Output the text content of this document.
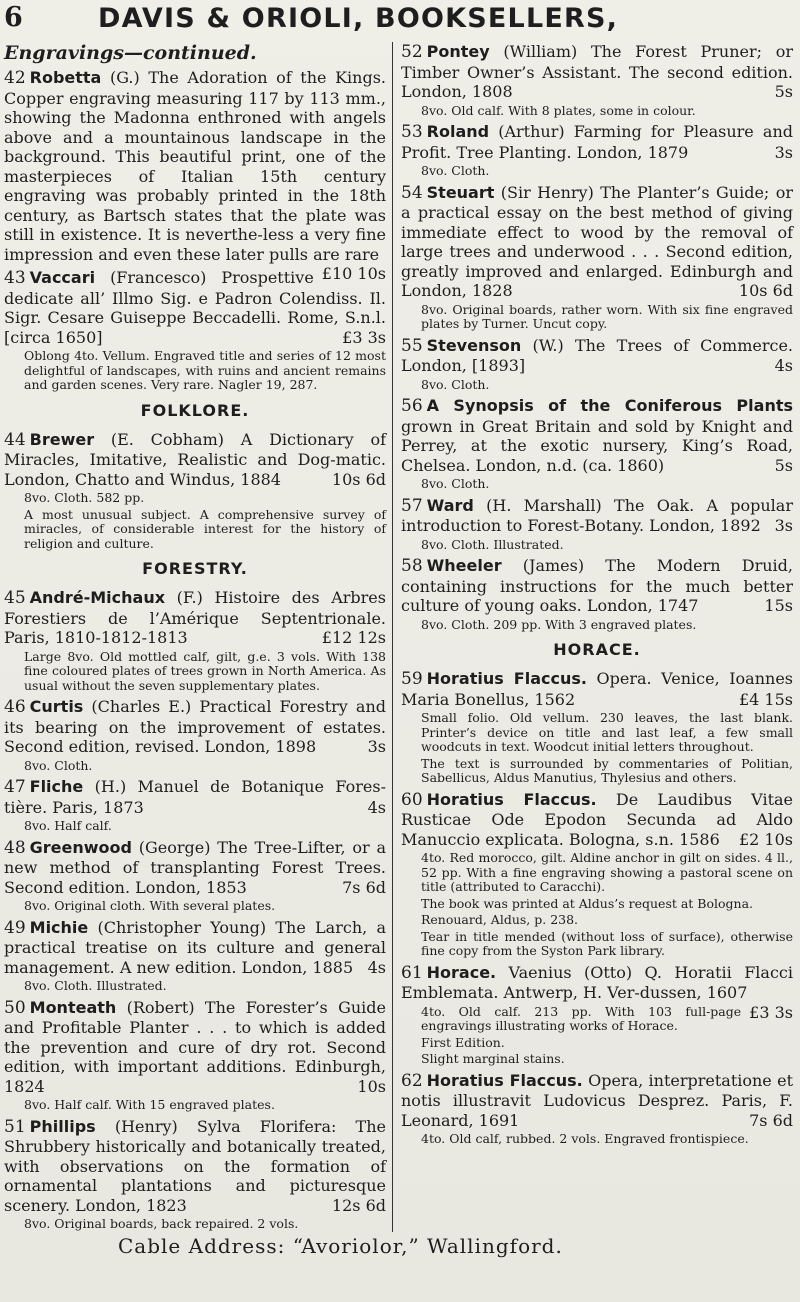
6	DAVIS & ORIOLI, BOOKSELLERS,
Engravings—continued.
42 Robetta (G.) The Adoration of the Kings. Copper engraving measuring 117 by 113 mm., showing the Madonna enthroned with angels above and a mountainous landscape in the background. This beautiful print, one of the masterpieces of Italian 15th century engraving was probably printed in the 18th century, as Bartsch states that the plate was still in existence. It is neverthe-less a very fine impression and even these later pulls are rare
£10 10s
43 Vaccari (Francesco) Prospettive dedicate all’ Illmo Sig. e Padron Colendiss. Il. Sigr. Cesare Guiseppe Beccadelli. Rome, S.n.l. [circa 1650]	£3 3s
Oblong 4to. Vellum. Engraved title and series of 12 most delightful of landscapes, with ruins and ancient remains and garden scenes. Very rare. Nagler 19, 287.
FOLKLORE.
44 Brewer (E. Cobham) A Dictionary of Miracles, Imitative, Realistic and Dog-matic. London, Chatto and Windus, 1884	10s 6d
8vo. Cloth. 582 pp.
A most unusual subject. A comprehensive survey of miracles, of considerable interest for the history of religion and culture.
FORESTRY.
45 André-Michaux (F.) Histoire des Arbres Forestiers de l’Amérique Septentrionale. Paris, 1810-1812-1813	£12 12s
Large 8vo. Old mottled calf, gilt, g.e. 3 vols. With 138 fine coloured plates of trees grown in North America. As usual without the seven supplementary plates.
46 Curtis (Charles E.) Practical Forestry and its bearing on the improvement of estates. Second edition, revised. London, 1898	3s
8vo. Cloth.
47 Fliche (H.) Manuel de Botanique Fores-tière. Paris, 1873	4s
8vo. Half calf.
48 Greenwood (George) The Tree-Lifter, or a new method of transplanting Forest Trees. Second edition. London, 1853	7s 6d
8vo. Original cloth. With several plates.
49 Michie (Christopher Young) The Larch, a practical treatise on its culture and general management. A new edition. London, 1885 4s
8vo. Cloth. Illustrated.
50 Monteath (Robert) The Forester’s Guide and Profitable Planter . . . to which is added the prevention and cure of dry rot. Second edition, with important additions. Edinburgh, 1824	10s
8vo. Half calf. With 15 engraved plates.
51 Phillips (Henry) Sylva Florifera: The Shrubbery historically and botanically treated, with observations on the formation of ornamental plantations and picturesque scenery. London, 1823	12s 6d
8vo. Original boards, back repaired. 2 vols.
52 Pontey (William) The Forest Pruner; or Timber Owner’s Assistant. The second edition. London, 1808	5s
8vo. Old calf. With 8 plates, some in colour.
53 Roland (Arthur) Farming for Pleasure and Profit. Tree Planting. London, 1879	3s
8vo. Cloth.
54 Steuart (Sir Henry) The Planter’s Guide; or a practical essay on the best method of giving immediate effect to wood by the removal of large trees and underwood . . . Second edition, greatly improved and enlarged. Edinburgh and London, 1828	10s 6d
8vo. Original boards, rather worn. With six fine engraved plates by Turner. Uncut copy.
55 Stevenson (W.) The Trees of Commerce. London, [1893]	4s
8vo. Cloth.
56 A Synopsis of the Coniferous Plants grown in Great Britain and sold by Knight and Perrey, at the exotic nursery, King’s Road, Chelsea. London, n.d. (ca. 1860)	5s
8vo. Cloth.
57 Ward (H. Marshall) The Oak. A popular introduction to Forest-Botany. London, 1892 3s
8vo. Cloth. Illustrated.
58 Wheeler (James) The Modern Druid, containing instructions for the much better culture of young oaks. London, 1747	15s
8vo. Cloth. 209 pp. With 3 engraved plates.
HORACE.
59 Horatius Flaccus. Opera. Venice, Ioannes Maria Bonellus, 1562	£4 15s
Small folio. Old vellum. 230 leaves, the last blank. Printer’s device on title and last leaf, a few small woodcuts in text. Woodcut initial letters throughout.
The text is surrounded by commentaries of Politian, Sabellicus, Aldus Manutius, Thylesius and others.
60 Horatius Flaccus. De Laudibus Vitae Rusticae Ode Epodon Secunda ad Aldo Manuccio explicata. Bologna, s.n. 1586 £2 10s
4to. Red morocco, gilt. Aldine anchor in gilt on sides. 4 ll., 52 pp. With a fine engraving showing a pastoral scene on title (attributed to Caracchi).
The book was printed at Aldus’s request at Bologna.
Renouard, Aldus, p. 238.
Tear in title mended (without loss of surface), otherwise fine copy from the Syston Park library.
61 Horace. Vaenius (Otto) Q. Horatii Flacci Emblemata. Antwerp, H. Ver-dussen, 1607
£3 3s
4to. Old calf. 213 pp. With 103 full-page engravings illustrating works of Horace.
First Edition.
Slight marginal stains.
62 Horatius Flaccus. Opera, interpretatione et notis illustravit Ludovicus Desprez. Paris, F. Leonard, 1691	7s 6d
4to. Old calf, rubbed. 2 vols. Engraved frontispiece.
Cable Address: “Avoriolor,” Wallingford.
